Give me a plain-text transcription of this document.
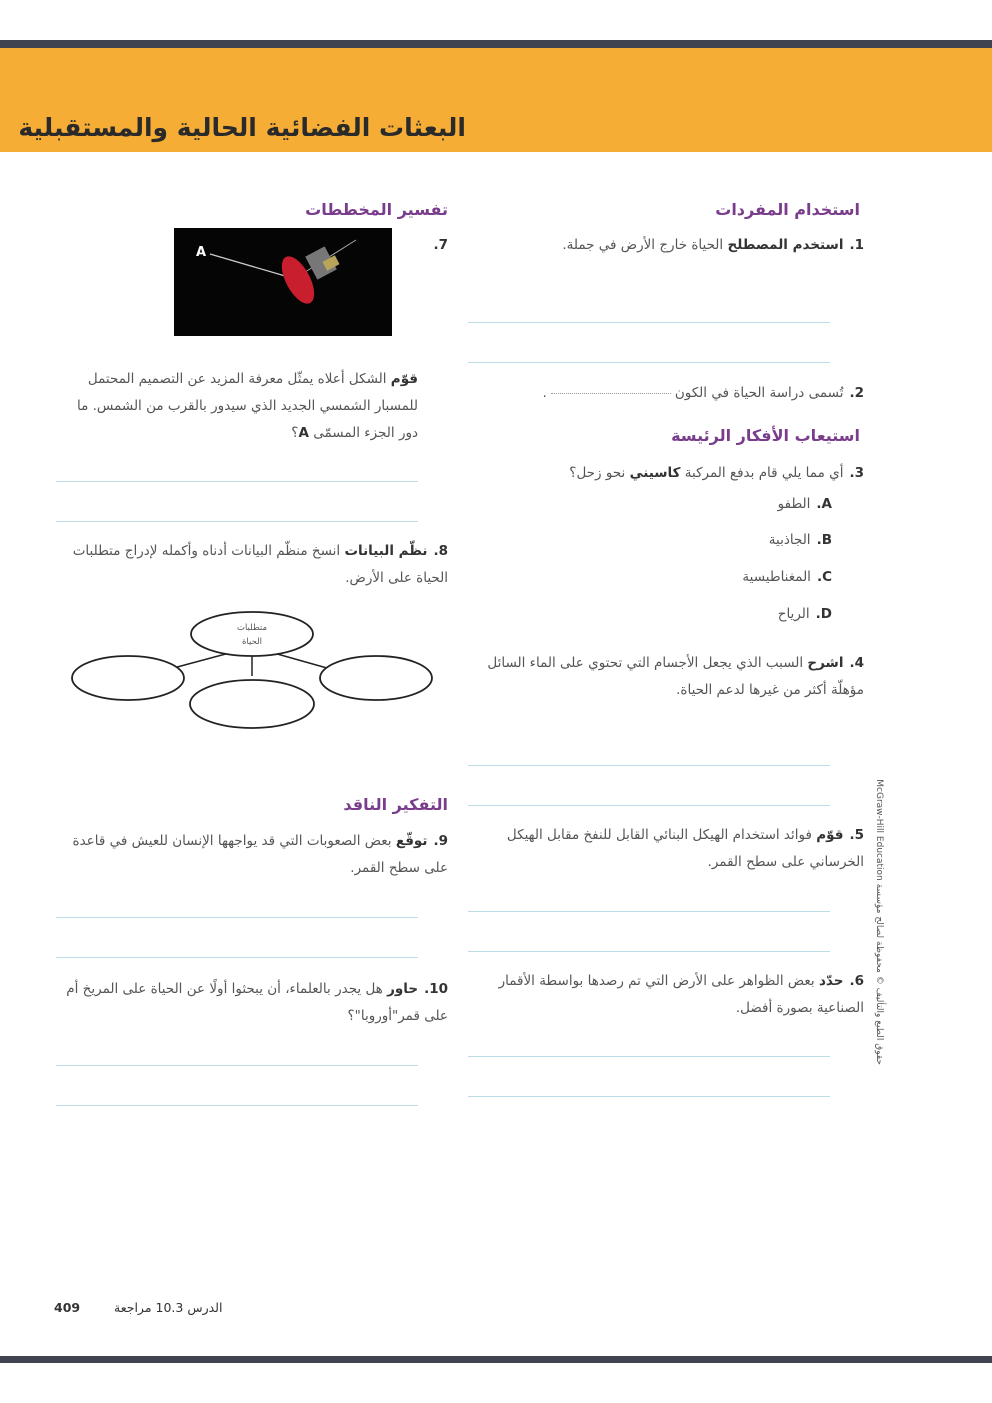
البعثات الفضائية الحالية والمستقبلية
استخدام المفردات
1.استخدم المصطلح الحياة خارج الأرض في جملة.
2.تُسمى دراسة الحياة في الكون.
استيعاب الأفكار الرئيسة
3.أي مما يلي قام بدفع المركبة كاسيني نحو زحل؟
A.الطفو
B.الجاذبية
C.المغناطيسية
D.الرياح
4.اشرح السبب الذي يجعل الأجسام التي تحتوي على الماء السائل مؤهلّة أكثر من غيرها لدعم الحياة.
5.قوّم فوائد استخدام الهيكل البنائي القابل للنفخ مقابل الهيكل الخرساني على سطح القمر.
6.حدّد بعض الظواهر على الأرض التي تم رصدها بواسطة الأقمار الصناعية بصورة أفضل.
تفسير المخططات
7.
A
قوّم الشكل أعلاه يمثّل معرفة المزيد عن التصميم المحتمل للمسبار الشمسي الجديد الذي سيدور بالقرب من الشمس. ما دور الجزء المسمّى A؟
8.نظّم البيانات انسخ منظّم البيانات أدناه وأكمله لإدراج متطلبات الحياة على الأرض.
متطلبات
الحياة
التفكير الناقد
9.توقّع بعض الصعوبات التي قد يواجهها الإنسان للعيش في قاعدة على سطح القمر.
10.حاور هل يجدر بالعلماء، أن يبحثوا أولًا عن الحياة على المريخ أم على قمر"أوروبا"؟
حقوق الطبع والتأليف © محفوظة لصالح مؤسسة McGraw-Hill Education
409	الدرس 10.3 مراجعة
